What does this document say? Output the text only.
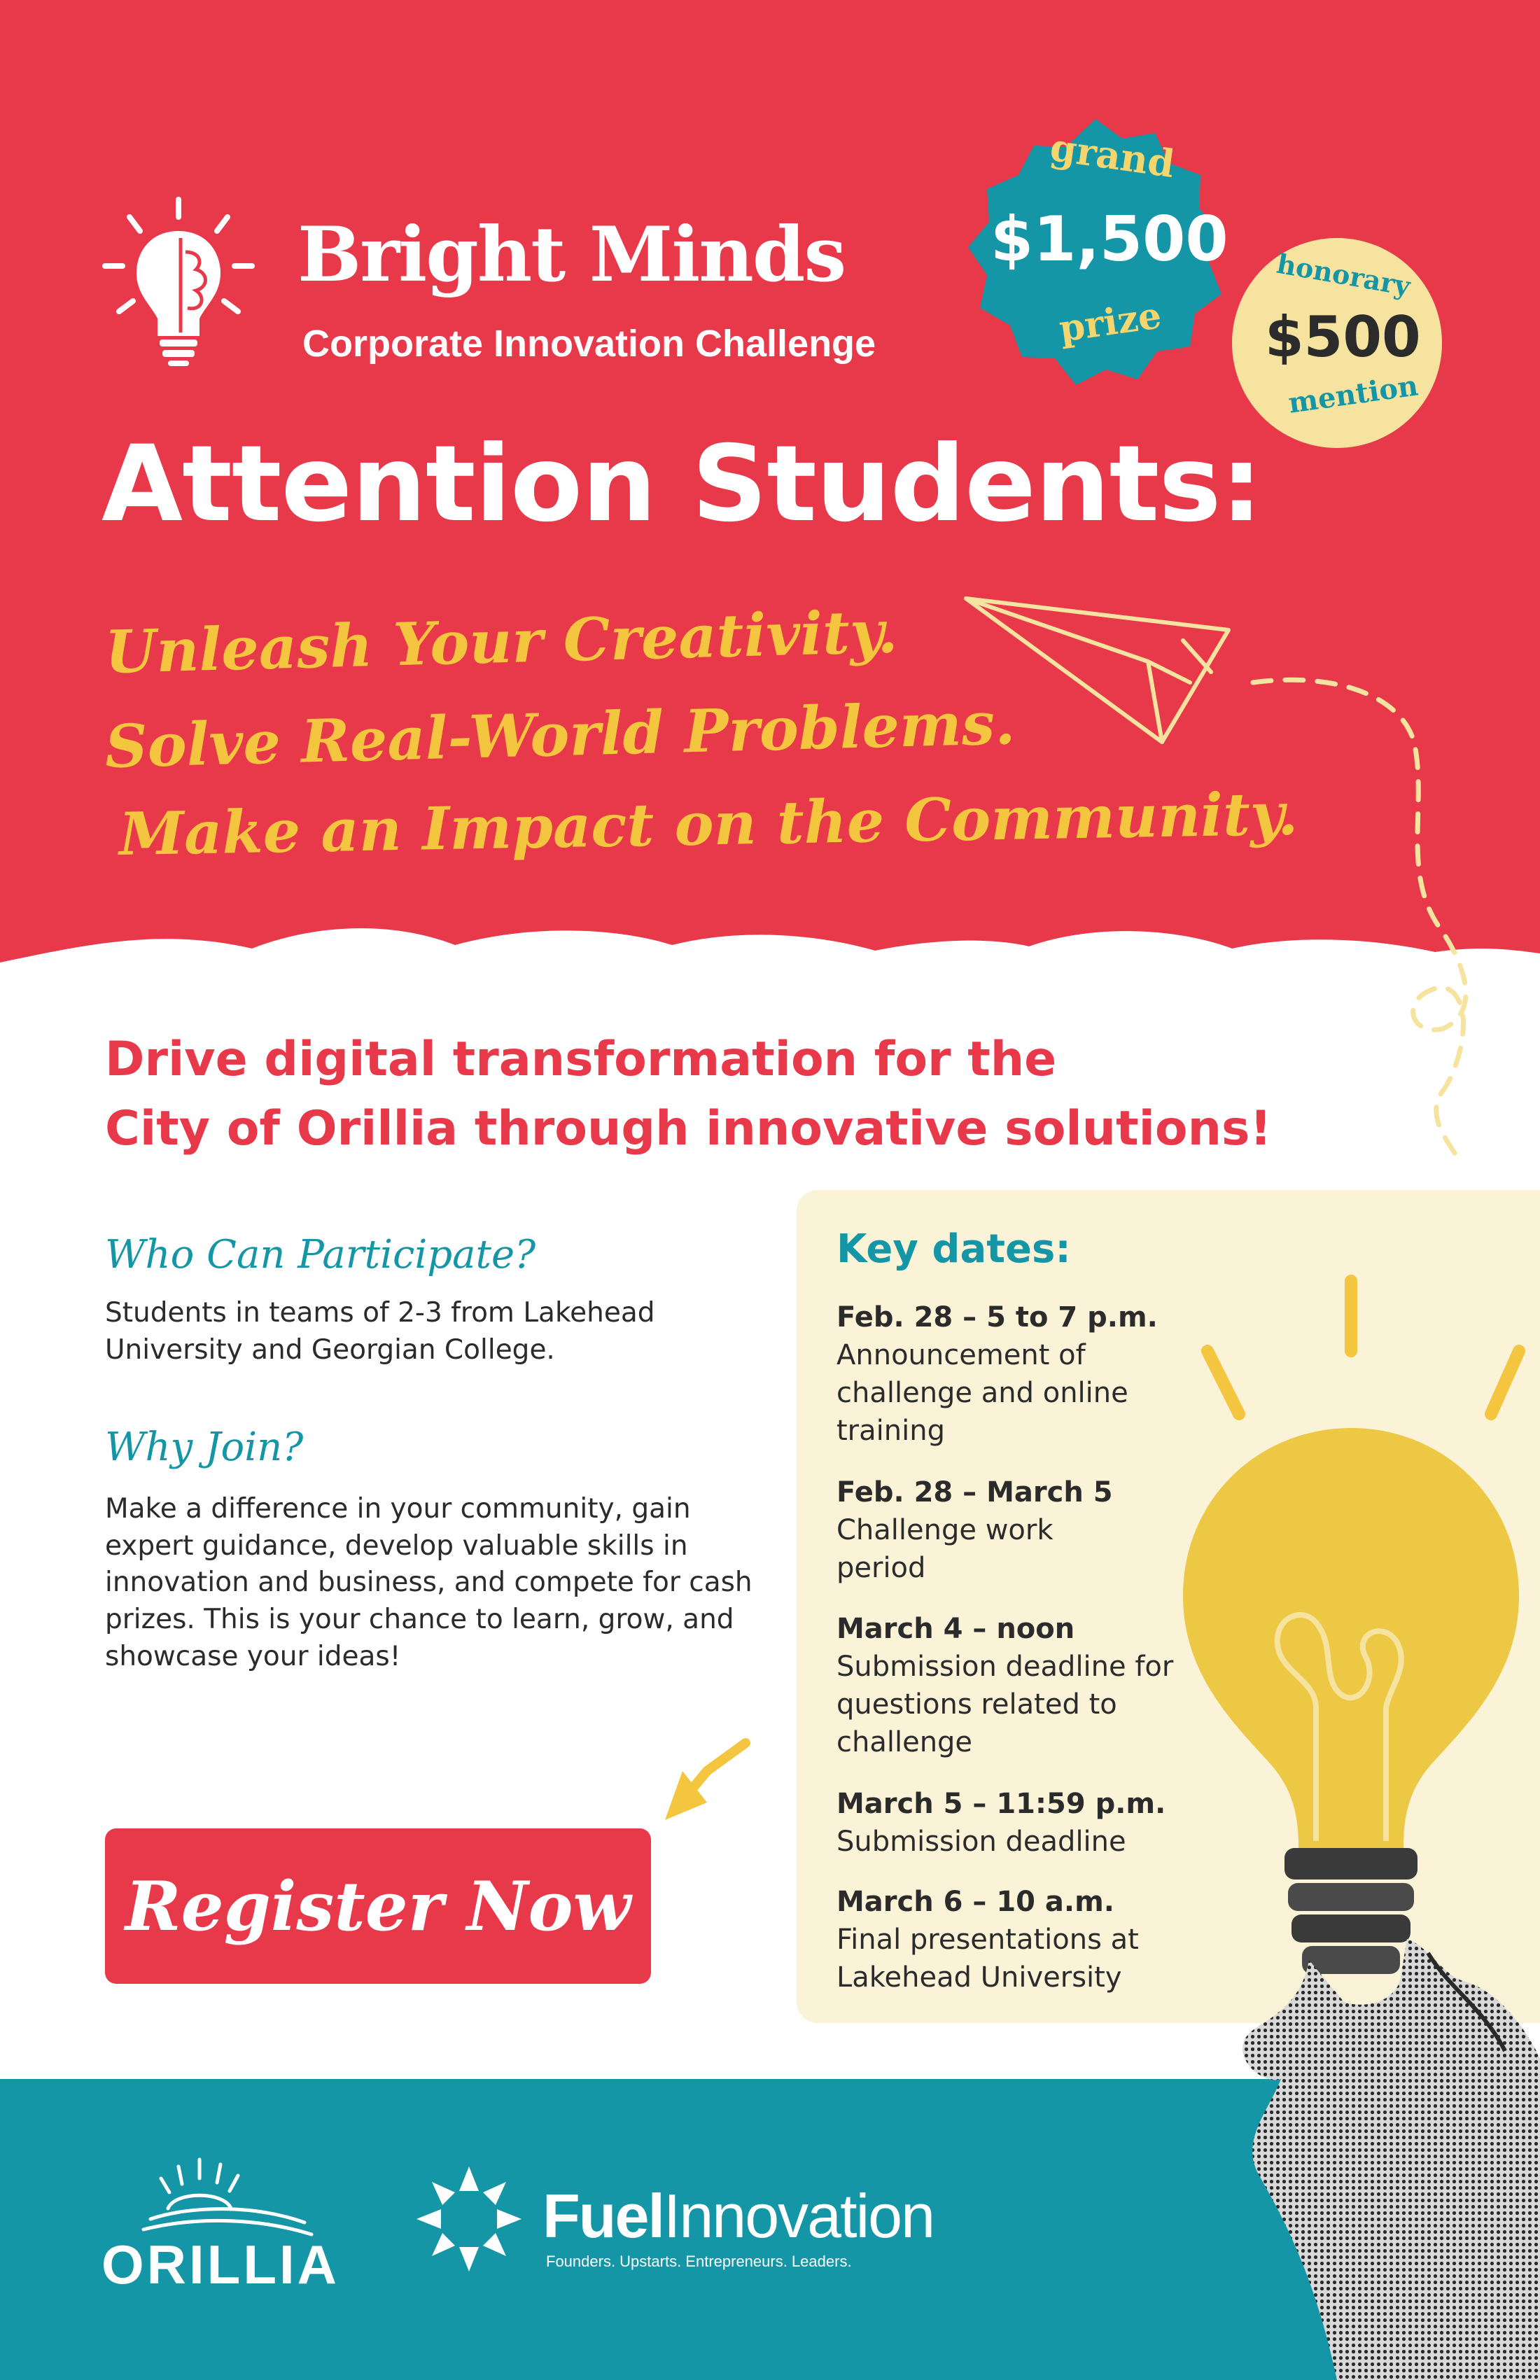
Bright Minds
Corporate Innovation Challenge
grand
$1,500
prize
honorary
$500
mention
Attention Students:
Unleash Your Creativity.
Solve Real-World Problems.
Make an Impact on the Community.
Drive digital transformation for the
City of Orillia through innovative solutions!
Who Can Participate?
Students in teams of 2-3 from Lakehead University and Georgian College.
Why Join?
Make a difference in your community, gain expert guidance, develop valuable skills in innovation and business, and compete for cash prizes. This is your chance to learn, grow, and showcase your ideas!
Register Now
Key dates:
Feb. 28 – 5 to 7 p.m.
Announcement of challenge and online training
Feb. 28 – March 5
Challenge work period
March 4 – noon
Submission deadline for questions related to challenge
March 5 – 11:59 p.m.
Submission deadline
March 6 – 10 a.m.
Final presentations at Lakehead University
ORILLIA
FuelInnovation
Founders. Upstarts. Entrepreneurs. Leaders.
